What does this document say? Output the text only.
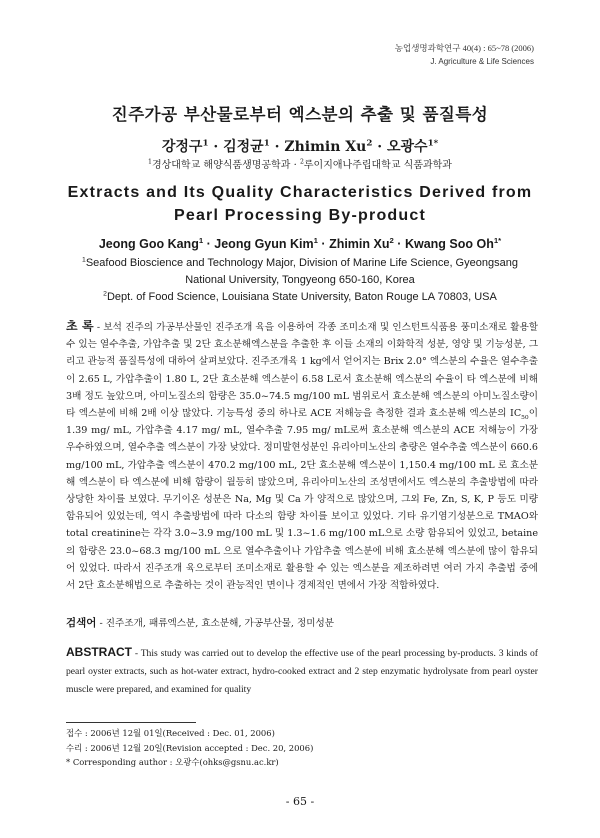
농업생명과학연구 40(4) : 65~78 (2006)
J. Agriculture & Life Sciences
진주가공 부산물로부터 엑스분의 추출 및 품질특성
강정구$^1$ · 김정균$^1$ · Zhimin $Xu^2$ · 오광수$^{1*}$
$^1$경상대학교 해양식품생명공학과 · $^2$루이지애나주립대학교 식품과학과
Extracts and Its Quality Characteristics Derived from
Pearl Processing By-product
Jeong Goo Kang$^1$ · Jeong Gyun Kim$^1$ · Zhimin $Xu^2$ · Kwang Soo $Oh^{1*}$
$^1$Seafood Bioscience and Technology Major, Division of Marine Life Science, Gyeongsang
National University, Tongyeong 650-160, Korea
$^2$Dept. of Food Science, Louisiana State University, Baton Rouge LA 70803, USA
초 록 - 보석 진주의 가공부산물인 진주조개 육을 이용하여 각종 조미소재 및 인스턴트식품용 풍미소재로 활용할 수 있는 열수추출, 가압추출 및 2단 효소분해엑스분을 추출한 후 이들 소재의 이화학적 성분, 영양 및 기능성분, 그리고 관능적 품질특성에 대하여 살펴보았다. 진주조개육 1 kg에서 얻어지는 Brix 2.0° 엑스분의 수율은 열수추출이 2.65 L, 가압추출이 1.80 L, 2단 효소분해 엑스분이 6.58 L로서 효소분해 엑스분의 수율이 타 엑스분에 비해 3배 정도 높았으며, 아미노질소의 함량은 35.0~74.5 mg/100 mL 범위로서 효소분해 엑스분의 아미노질소량이 타 엑스분에 비해 2배 이상 많았다. 기능특성 중의 하나로 ACE 저해능을 측정한 결과 효소분해 엑스분의 $IC_{50}$이 1.39 mg/ mL, 가압추출 4.17 mg/ mL, 열수추출 7.95 mg/ mL로써 효소분해 엑스분의 ACE 저해능이 가장 우수하였으며, 열수추출 엑스분이 가장 낮았다. 정미발현성분인 유리아미노산의 총량은 열수추출 엑스분이 660.6 mg/100 mL, 가압추출 엑스분이 470.2 mg/100 mL, 2단 효소분해 엑스분이 1,150.4 mg/100 mL 로 효소분해 엑스분이 타 엑스분에 비해 함량이 월등히 많았으며, 유리아미노산의 조성면에서도 엑스분의 추출방법에 따라 상당한 차이를 보였다. 무기이온 성분은 Na, Mg 및 Ca 가 양적으로 많았으며, 그외 Fe, Zn, S, K, P 등도 미량 함유되어 있었는데, 역시 추출방법에 따라 다소의 함량 차이를 보이고 있었다. 기타 유기염기성분으로 TMAO와 total creatinine는 각각 3.0~3.9 mg/100 mL 및 1.3~1.6 mg/100 mL으로 소량 함유되어 있었고, betaine의 함량은 23.0~68.3 mg/100 mL 으로 열수추출이나 가압추출 엑스분에 비해 효소분해 엑스분에 많이 함유되어 있었다. 따라서 진주조개 육으로부터 조미소재로 활용할 수 있는 엑스분을 제조하려면 여러 가지 추출법 중에서 2단 효소분해법으로 추출하는 것이 관능적인 면이나 경제적인 면에서 가장 적합하였다.
검색어 - 진주조개, 패류엑스분, 효소분해, 가공부산물, 정미성분
ABSTRACT - This study was carried out to develop the effective use of the pearl processing by-products. 3 kinds of pearl oyster extracts, such as hot-water extract, hydro-cooked extract and 2 step enzymatic hydrolysate from pearl oyster muscle were prepared, and examined for quality
접수 : 2006년 12월 01일(Received : Dec. 01, 2006)
수리 : 2006년 12월 20일(Revision accepted : Dec. 20, 2006)
* Corresponding author : 오광수(ohks@gsnu.ac.kr)
- 65 -
